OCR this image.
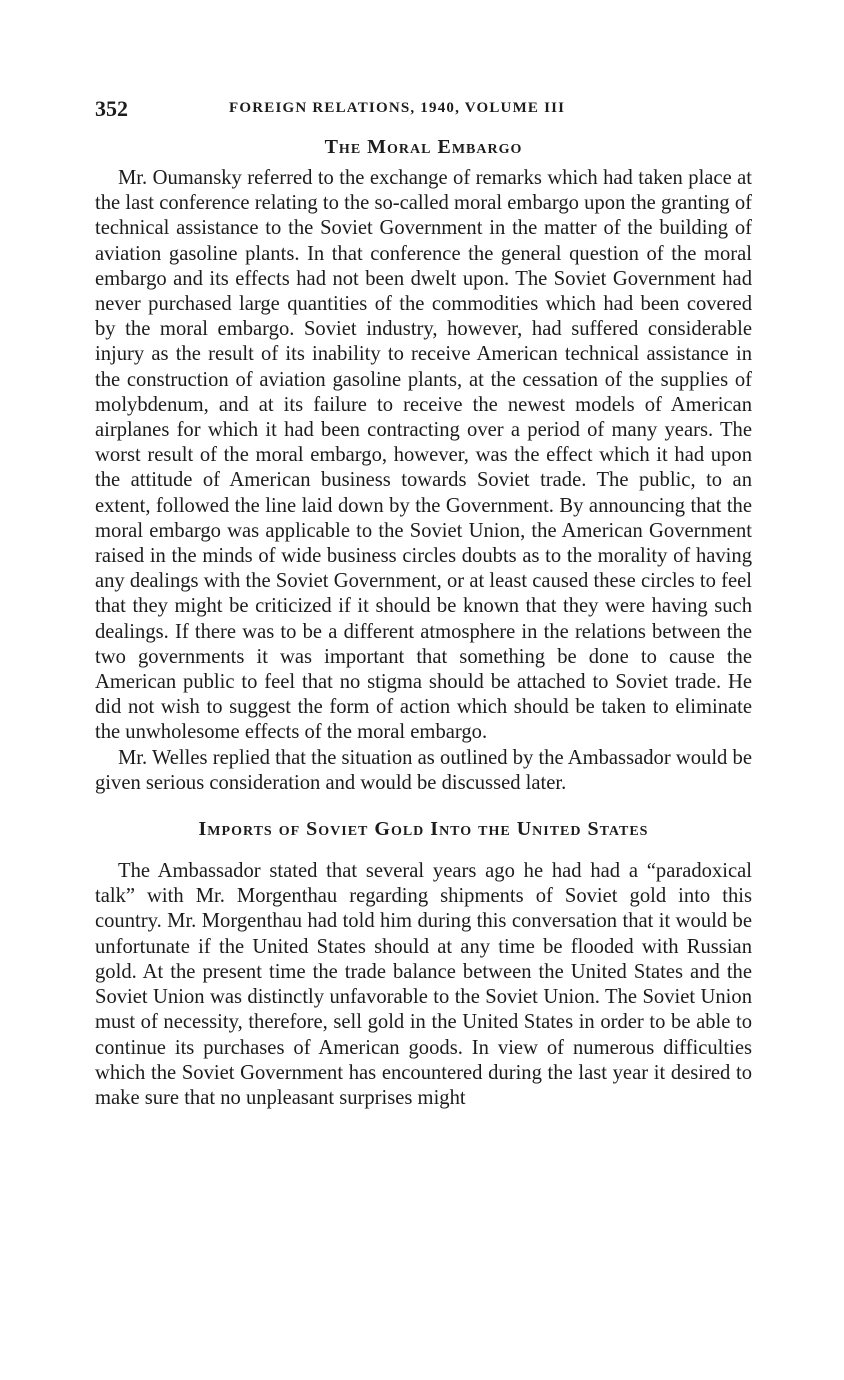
352	FOREIGN RELATIONS, 1940, VOLUME III
The Moral Embargo

Mr. Oumansky referred to the exchange of remarks which had taken place at the last conference relating to the so-called moral embargo upon the granting of technical assistance to the Soviet Government in the matter of the building of aviation gasoline plants. In that conference the general question of the moral embargo and its effects had not been dwelt upon. The Soviet Government had never purchased large quantities of the commodities which had been covered by the moral embargo. Soviet industry, however, had suffered considerable injury as the result of its inability to receive American technical assistance in the construction of aviation gasoline plants, at the cessation of the supplies of molybdenum, and at its failure to receive the newest models of American airplanes for which it had been contracting over a period of many years. The worst result of the moral embargo, however, was the effect which it had upon the attitude of American business towards Soviet trade. The public, to an extent, followed the line laid down by the Government. By announcing that the moral embargo was applicable to the Soviet Union, the American Government raised in the minds of wide business circles doubts as to the morality of having any dealings with the Soviet Government, or at least caused these circles to feel that they might be criticized if it should be known that they were having such dealings. If there was to be a different atmosphere in the relations between the two governments it was important that something be done to cause the American public to feel that no stigma should be attached to Soviet trade. He did not wish to suggest the form of action which should be taken to eliminate the unwholesome effects of the moral embargo.

Mr. Welles replied that the situation as outlined by the Ambassador would be given serious consideration and would be discussed later.

Imports of Soviet Gold Into the United States

The Ambassador stated that several years ago he had had a “paradoxical talk” with Mr. Morgenthau regarding shipments of Soviet gold into this country. Mr. Morgenthau had told him during this conversation that it would be unfortunate if the United States should at any time be flooded with Russian gold. At the present time the trade balance between the United States and the Soviet Union was distinctly unfavorable to the Soviet Union. The Soviet Union must of necessity, therefore, sell gold in the United States in order to be able to continue its purchases of American goods. In view of numerous difficulties which the Soviet Government has encountered during the last year it desired to make sure that no unpleasant surprises might
